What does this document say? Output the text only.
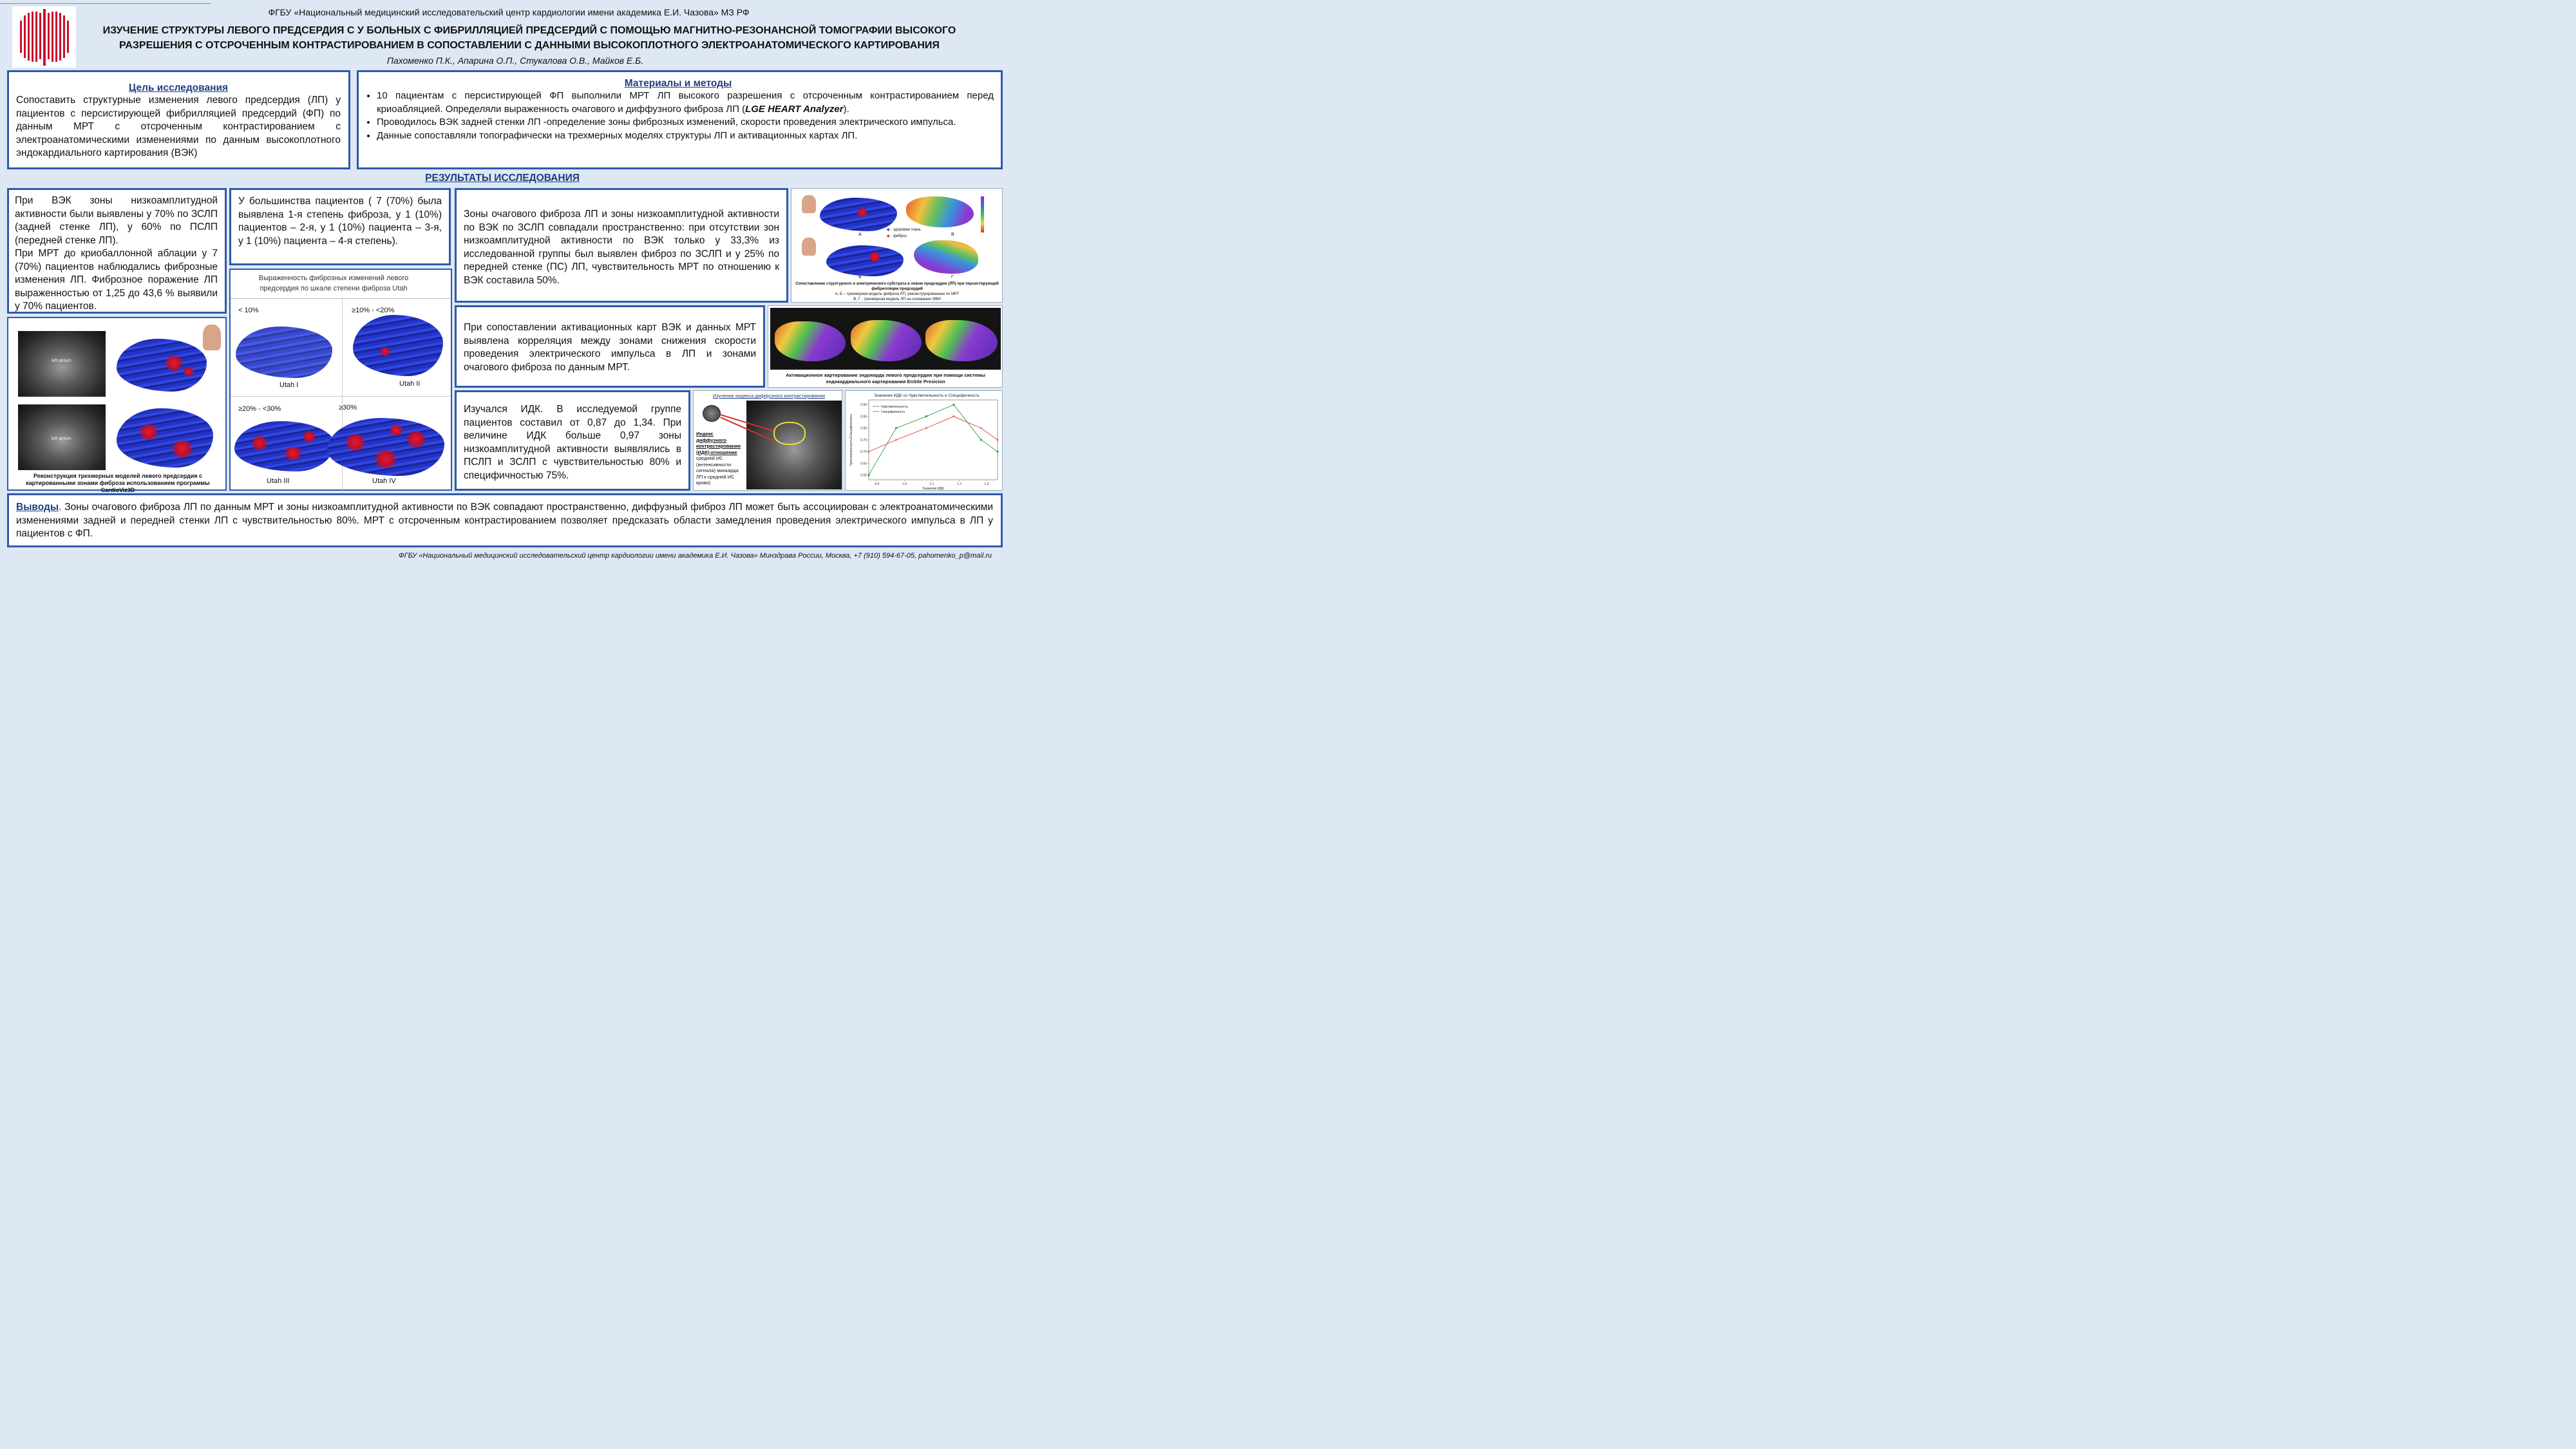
ФГБУ «Национальный медицинский исследовательский центр кардиологии имени академика Е.И. Чазова» МЗ РФ
ИЗУЧЕНИЕ СТРУКТУРЫ ЛЕВОГО ПРЕДСЕРДИЯ С У БОЛЬНЫХ С ФИБРИЛЛЯЦИЕЙ ПРЕДСЕРДИЙ С ПОМОЩЬЮ МАГНИТНО-РЕЗОНАНСНОЙ ТОМОГРАФИИ ВЫСОКОГО
РАЗРЕШЕНИЯ С ОТСРОЧЕННЫМ КОНТРАСТИРОВАНИЕМ В СОПОСТАВЛЕНИИ С ДАННЫМИ ВЫСОКОПЛОТНОГО ЭЛЕКТРОАНАТОМИЧЕСКОГО КАРТИРОВАНИЯ
Пахоменко П.К., Апарина О.П., Стукалова О.В., Майков Е.Б.
Цель исследования

Сопоставить структурные изменения левого предсердия (ЛП) у пациентов с персистирующей фибрилляцией предсердий (ФП) по данным МРТ с отсроченным контрастированием с электроанатомическими изменениями по данным высокоплотного эндокардиального картирования (ВЭК)

Материалы и методы
• 10 пациентам с персистирующей ФП выполнили МРТ ЛП высокого разрешения с отсроченным контрастированием перед криоабляцией. Определяли выраженность очагового и диффузного фиброза ЛП (LGE HEART Analyzer).
• Проводилось ВЭК задней стенки ЛП -определение зоны фиброзных изменений, скорости проведения электрического импульса.
• Данные сопоставляли топографически на трехмерных моделях структуры ЛП и активационных картах ЛП.
РЕЗУЛЬТАТЫ ИССЛЕДОВАНИЯ

При ВЭК зоны низкоамплитудной активности были выявлены у 70% по ЗСЛП (задней стенке ЛП), у 60% по ПСЛП (передней стенке ЛП).

При МРТ до криобаллонной аблации у 7 (70%) пациентов наблюдались фиброзные изменения ЛП. Фиброзное поражение ЛП выраженностью от 1,25 до 43,6 % выявили у 70% пациентов.

У большинства пациентов ( 7 (70%) была выявлена 1-я степень фиброза, у 1 (10%) пациентов – 2-я, у 1 (10%) пациента – 3-я, у 1 (10%) пациента – 4-я степень).

Выраженность фиброзных изменений левого предсердия по шкале степени фиброза Utah
< 10%
Utah I
≥10% - <20%
Utah II
≥20% - <30%
Utah III
≥30%
Utah IV
left atrium
left atrium
Реконструкция трехмерных моделей левого предсердия с картированными зонами фиброза использованием программы CardioViz3D

Зоны очагового фиброза ЛП и зоны низкоамплитудной активности по ВЭК по ЗСЛП совпадали пространственно: при отсутствии зон низкоамплитудной активности по ВЭК только у 33,3% из исследованной группы был выявлен фиброз по ЗСЛП и у 25% по передней стенке (ПС) ЛП, чувствительность МРТ по отношению к ВЭК составила 50%.

А	В
◆ - здоровая ткань
◆ - фиброз
Б	Г
Сопоставление структурного и электрического субстрата в левом предсердии (ЛП) при персистирующей фибрилляции предсердий
А, Б – трехмерная модель фиброза ЛП, реконструированная по МРТ
В, Г - трехмерная модель ЛП на основании ЭФИ

При сопоставлении активационных карт ВЭК и данных МРТ выявлена корреляция между зонами снижения скорости проведения электрического импульса в ЛП и зонами очагового фиброза по данным МРТ.

Активационное картирование эндокарда левого предсердия при помощи системы эндокардиального картирования EnSite Presicion

Изучался ИДК. В исследуемой группе пациентов составил от 0,87 до 1,34. При величине ИДК больше 0,97 зоны низкоамплитудной активности выявлялись в ПСЛП и ЗСЛП с чувствительностью 80% и специфичностью 75%.

Изучение индекса диффузного контрастирования
Индекс
диффузного
контрастирования
(ИДК)-отношение
средней ИС (интенсивности сигнала) миокарда ЛП к средней ИС крови)
Значения ИДК vs Чувствительность и Специфичность
0.9	1.0	1.1	1.2	1.3
0.60
0.65
0.70
0.75
0.80
0.85
0.90	Чувствительность
Специфичность
Значения ИДК
Чувствительность/Специфичность

Выводы. Зоны очагового фиброза ЛП по данным МРТ и зоны низкоамплитудной активности по ВЭК совпадают пространственно, диффузный фиброз ЛП может быть ассоциирован с электроанатомическими изменениями задней и передней стенки ЛП с чувствительностью 80%. МРТ с отсроченным контрастированием позволяет предсказать области замедления проведения электрического импульса в ЛП у пациентов с ФП.

ФГБУ «Национальный медицинский исследовательский центр кардиологии имени академика Е.И. Чазова» Минздрава России, Москва, +7 (910) 594-67-05, pahomenko_p@mail.ru
